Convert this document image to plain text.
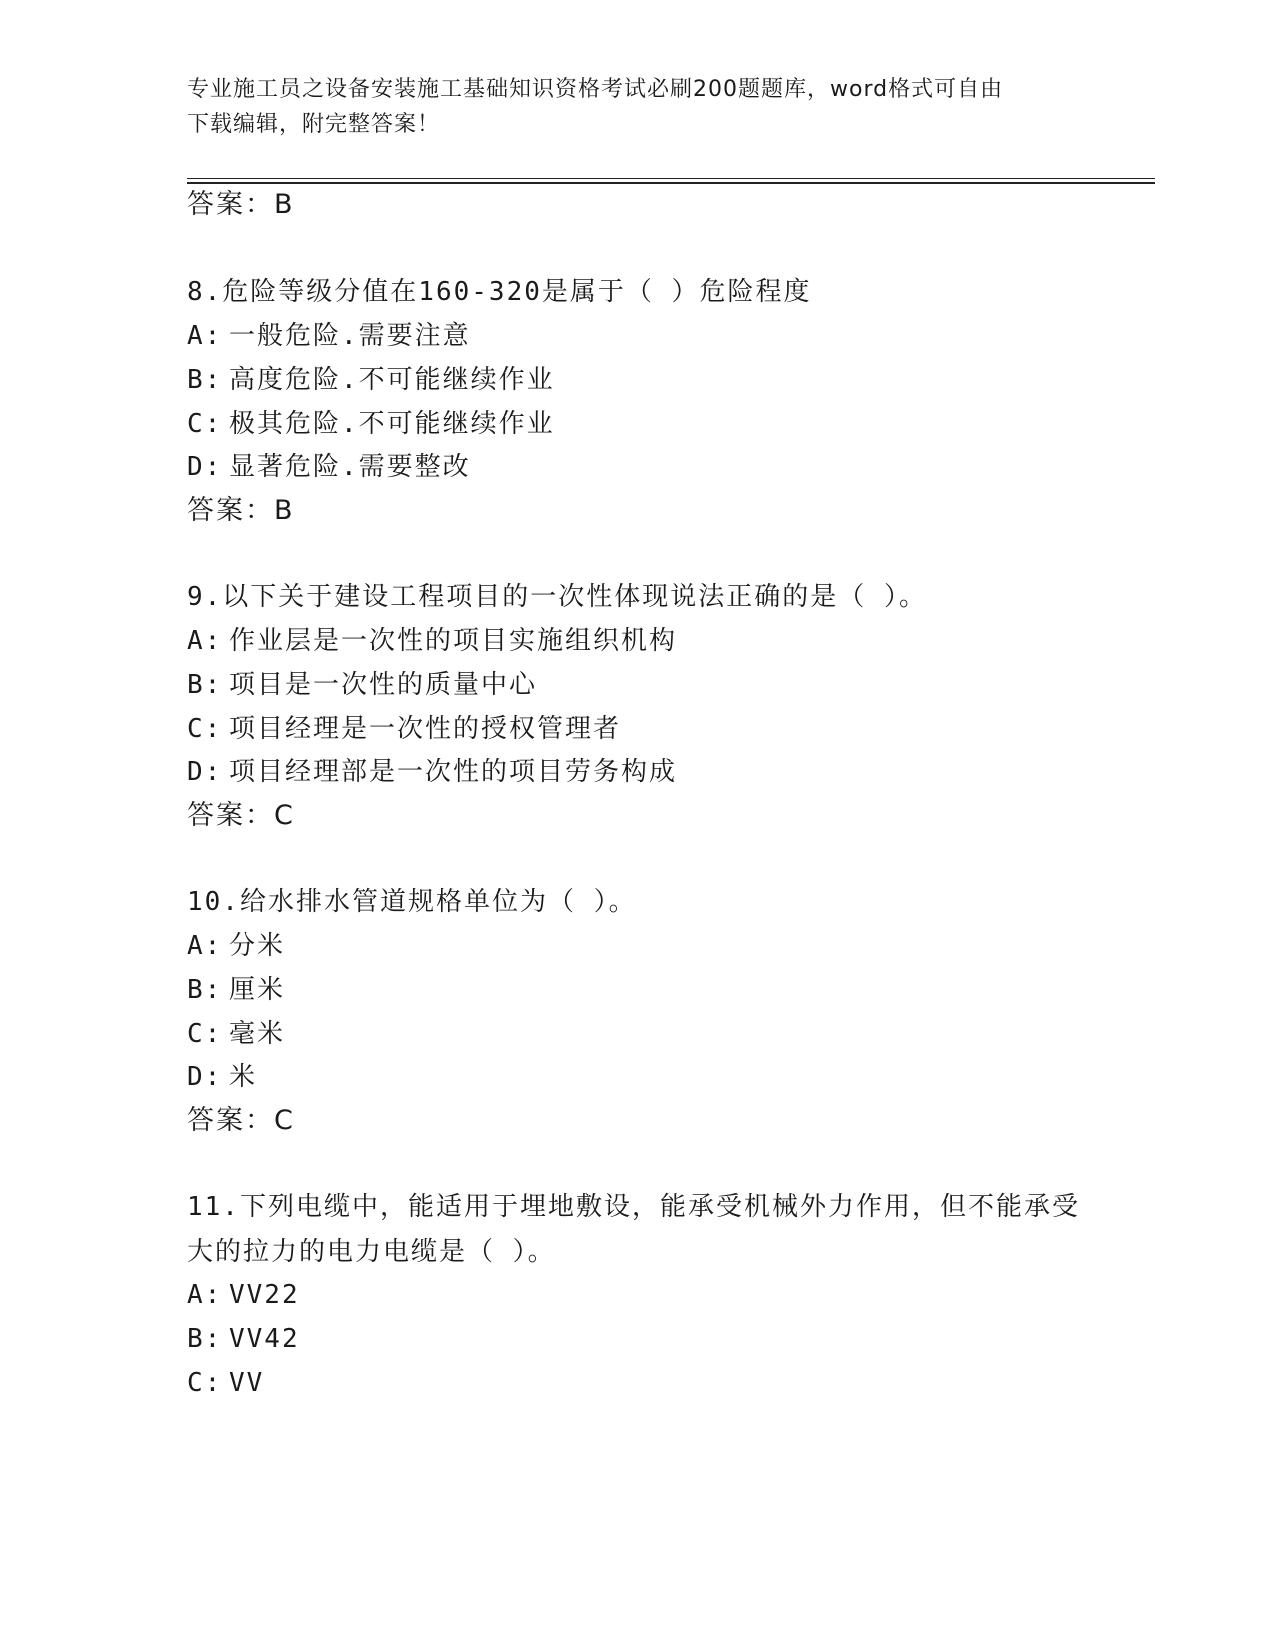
专业施工员之设备安装施工基础知识资格考试必刷200题题库，word格式可自由
下载编辑，附完整答案！
答案：B
8.危险等级分值在160-320是属于（ ）危险程度
A: 一般危险.需要注意
B: 高度危险.不可能继续作业
C: 极其危险.不可能继续作业
D: 显著危险.需要整改
答案：B
9.以下关于建设工程项目的一次性体现说法正确的是（ ）。
A: 作业层是一次性的项目实施组织机构
B: 项目是一次性的质量中心
C: 项目经理是一次性的授权管理者
D: 项目经理部是一次性的项目劳务构成
答案：C
10.给水排水管道规格单位为（ ）。
A: 分米
B: 厘米
C: 毫米
D: 米
答案：C
11.下列电缆中，能适用于埋地敷设，能承受机械外力作用，但不能承受大的拉力的电力电缆是（ ）。
A: VV22
B: VV42
C: VV
